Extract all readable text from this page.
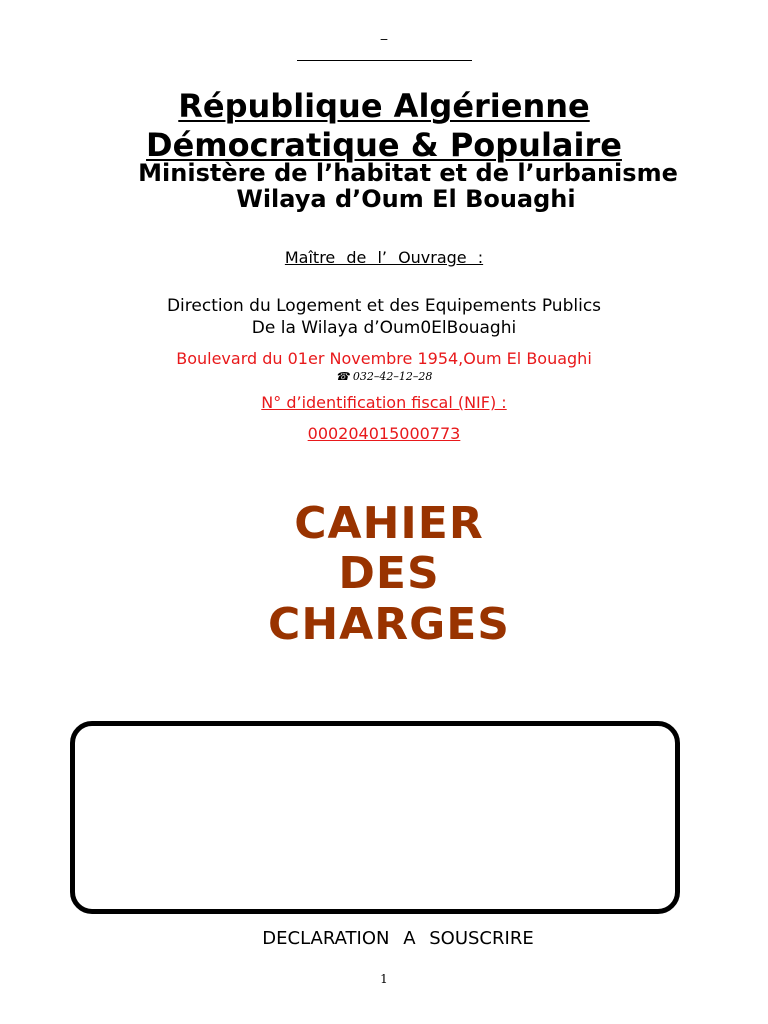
_
République Algérienne
Démocratique & Populaire
Ministère de l’habitat et de l’urbanisme
Wilaya d’Oum El Bouaghi
Maître de l’ Ouvrage :
Direction du Logement et des Equipements Publics
De la Wilaya d’Oum0ElBouaghi
Boulevard du 01er Novembre 1954,Oum El Bouaghi
☎ 032–42–12–28
N° d’identification fiscal (NIF) :
000204015000773
CAHIER
DES
CHARGES
DECLARATION A SOUSCRIRE
1
